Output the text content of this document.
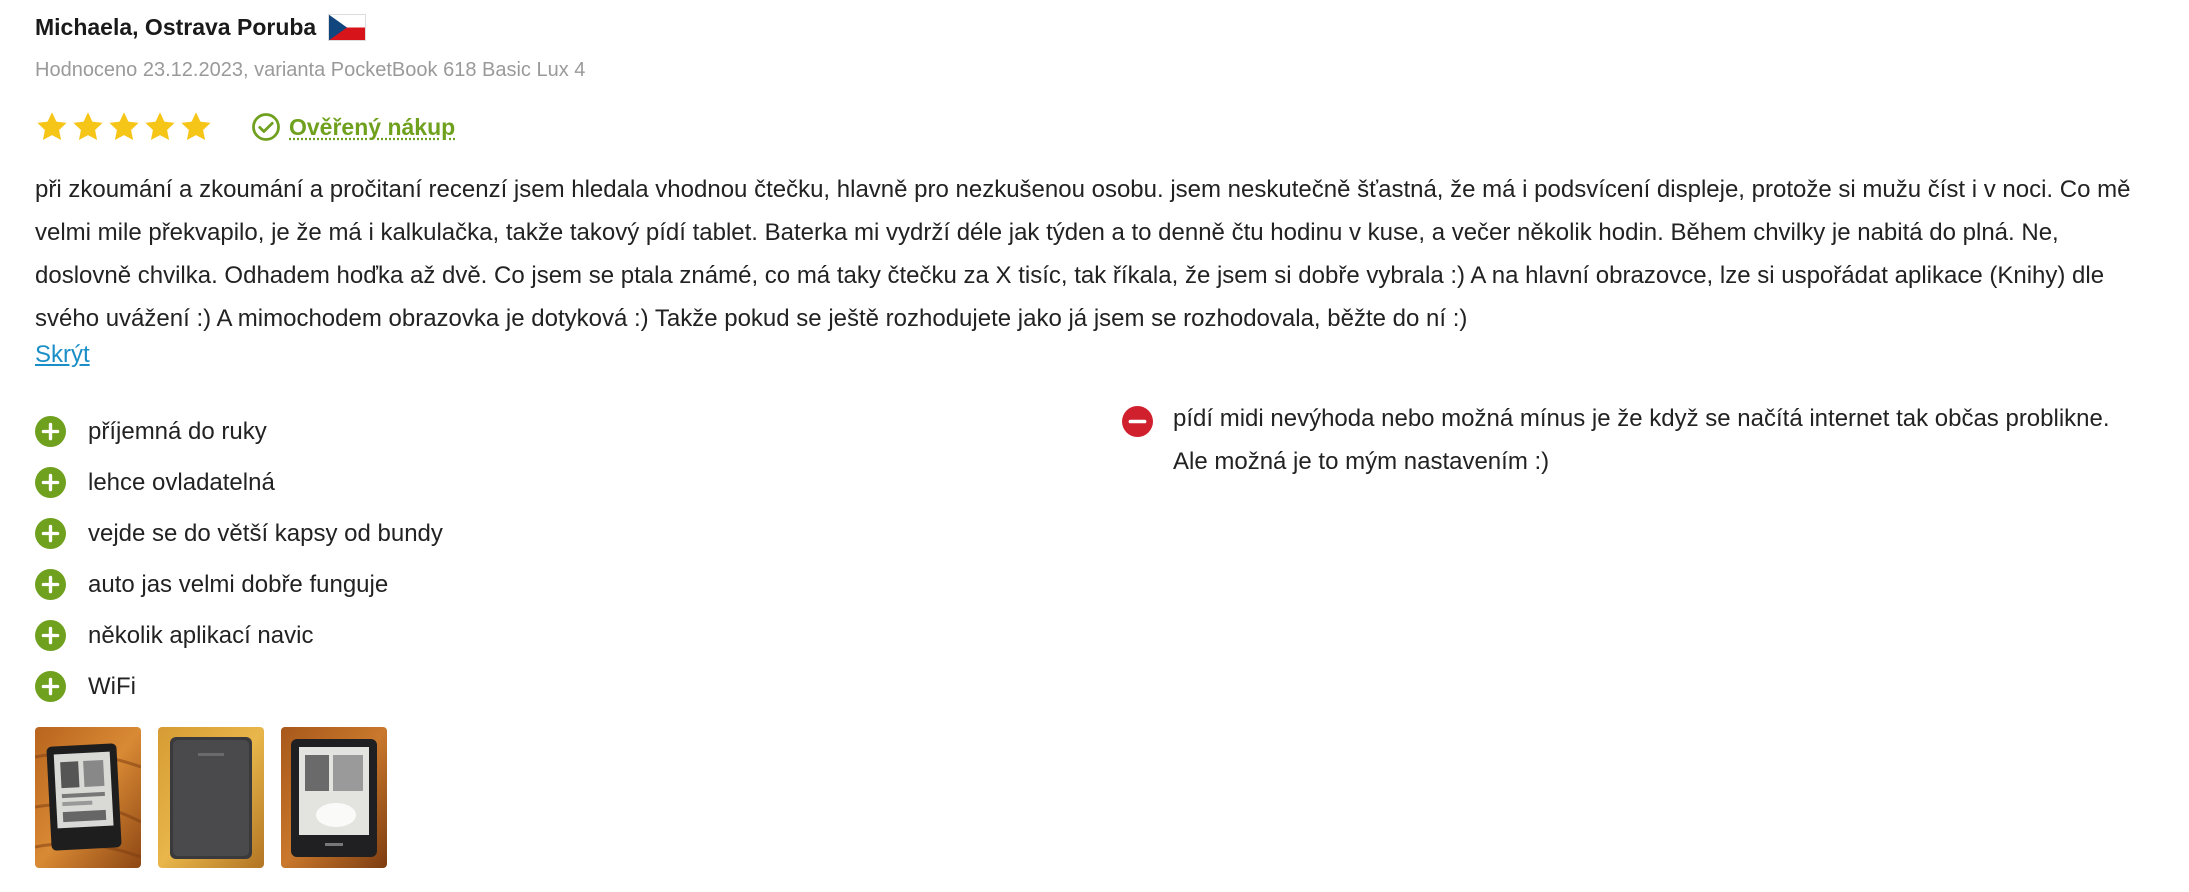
Michaela, Ostrava Poruba
Hodnoceno 23.12.2023, varianta PocketBook 618 Basic Lux 4
Ověřený nákup

při zkoumání a zkoumání a pročitaní recenzí jsem hledala vhodnou čtečku, hlavně pro nezkušenou osobu. jsem neskutečně šťastná, že má i podsvícení displeje, protože si mužu číst i v noci. Co mě velmi mile překvapilo, je že má i kalkulačka, takže takový pídí tablet. Baterka mi vydrží déle jak týden a to denně čtu hodinu v kuse, a večer několik hodin. Během chvilky je nabitá do plná. Ne, doslovně chvilka. Odhadem hoďka až dvě. Co jsem se ptala známé, co má taky čtečku za X tisíc, tak říkala, že jsem si dobře vybrala :) A na hlavní obrazovce, lze si uspořádat aplikace (Knihy) dle svého uvážení :) A mimochodem obrazovka je dotyková :) Takže pokud se ještě rozhodujete jako já jsem se rozhodovala, běžte do ní :)

Skrýt
příjemná do ruky
lehce ovladatelná
vejde se do větší kapsy od bundy
auto jas velmi dobře funguje
několik aplikací navic
WiFi
pídí midi nevýhoda nebo možná mínus je že když se načítá internet tak občas problikne. Ale možná je to mým nastavením :)
